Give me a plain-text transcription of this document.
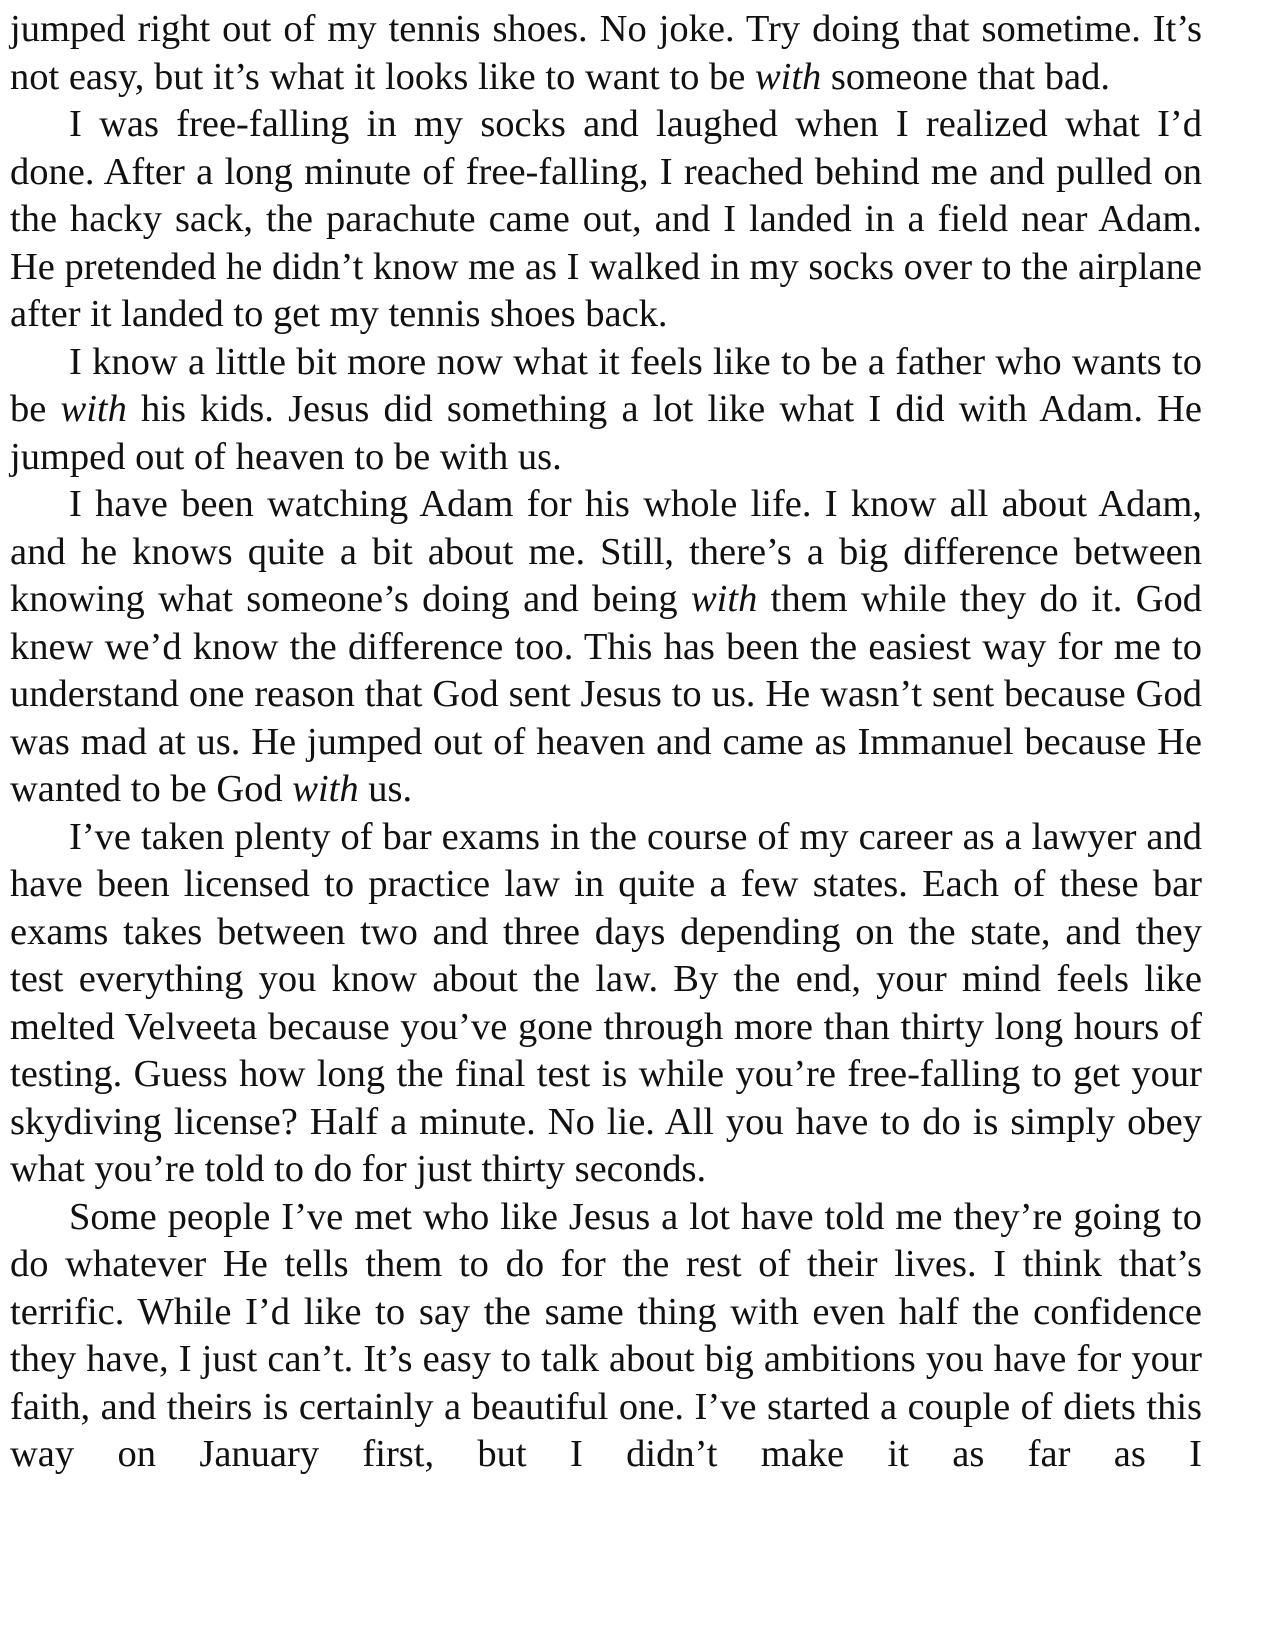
jumped right out of my tennis shoes. No joke. Try doing that sometime. It’s not easy, but it’s what it looks like to want to be with someone that bad.

I was free-falling in my socks and laughed when I realized what I’d done. After a long minute of free-falling, I reached behind me and pulled on the hacky sack, the parachute came out, and I landed in a field near Adam. He pretended he didn’t know me as I walked in my socks over to the airplane after it landed to get my tennis shoes back.

I know a little bit more now what it feels like to be a father who wants to be with his kids. Jesus did something a lot like what I did with Adam. He jumped out of heaven to be with us.

I have been watching Adam for his whole life. I know all about Adam, and he knows quite a bit about me. Still, there’s a big difference between knowing what someone’s doing and being with them while they do it. God knew we’d know the difference too. This has been the easiest way for me to understand one reason that God sent Jesus to us. He wasn’t sent because God was mad at us. He jumped out of heaven and came as Immanuel because He wanted to be God with us.

I’ve taken plenty of bar exams in the course of my career as a lawyer and have been licensed to practice law in quite a few states. Each of these bar exams takes between two and three days depending on the state, and they test everything you know about the law. By the end, your mind feels like melted Velveeta because you’ve gone through more than thirty long hours of testing. Guess how long the final test is while you’re free-falling to get your skydiving license? Half a minute. No lie. All you have to do is simply obey what you’re told to do for just thirty seconds.

Some people I’ve met who like Jesus a lot have told me they’re going to do whatever He tells them to do for the rest of their lives. I think that’s terrific. While I’d like to say the same thing with even half the confidence they have, I just can’t. It’s easy to talk about big ambitions you have for your faith, and theirs is certainly a beautiful one. I’ve started a couple of diets this way on January first, but I didn’t make it as far as I
